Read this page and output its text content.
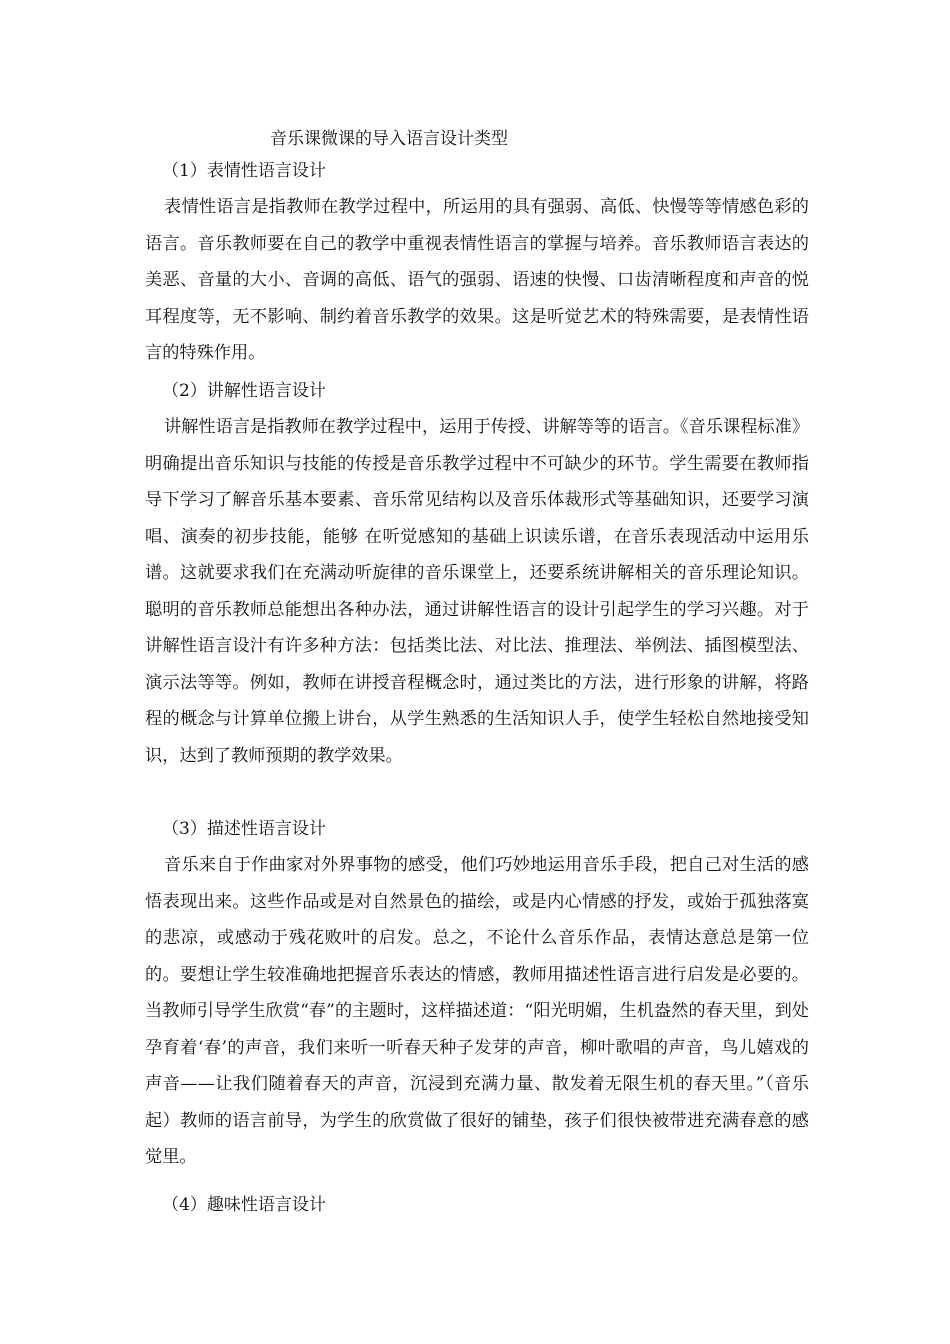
音乐课微课的导入语言设计类型
（1）表情性语言设计

表情性语言是指教师在教学过程中，所运用的具有强弱、高低、快慢等等情感色彩的语言。音乐教师要在自己的教学中重视表情性语言的掌握与培养。音乐教师语言表达的美恶、音量的大小、音调的高低、语气的强弱、语速的快慢、口齿清晰程度和声音的悦耳程度等，无不影响、制约着音乐教学的效果。这是听觉艺术的特殊需要，是表情性语言的特殊作用。

（2）讲解性语言设计

讲解性语言是指教师在教学过程中，运用于传授、讲解等等的语言。《音乐课程标准》明确提出音乐知识与技能的传授是音乐教学过程中不可缺少的环节。学生需要在教师指导下学习了解音乐基本要素、音乐常见结构以及音乐体裁形式等基础知识，还要学习演唱、演奏的初步技能，能够 在听觉感知的基础上识读乐谱，在音乐表现活动中运用乐谱。这就要求我们在充满动听旋律的音乐课堂上，还要系统讲解相关的音乐理论知识。聪明的音乐教师总能想出各种办法，通过讲解性语言的设计引起学生的学习兴趣。对于讲解性语言设汁有许多种方法：包括类比法、对比法、推理法、举例法、插图模型法、演示法等等。例如，教师在讲授音程概念时，通过类比的方法，进行形象的讲解，将路程的概念与计算单位搬上讲台，从学生熟悉的生活知识人手，使学生轻松自然地接受知识，达到了教师预期的教学效果。

（3）描述性语言设计

音乐来自于作曲家对外界事物的感受，他们巧妙地运用音乐手段，把自己对生活的感悟表现出来。这些作品或是对自然景色的描绘，或是内心情感的抒发，或始于孤独落寞的悲凉，或感动于残花败叶的启发。总之，不论什么音乐作品，表情达意总是第一位的。要想让学生较准确地把握音乐表达的情感，教师用描述性语言进行启发是必要的。当教师引导学生欣赏“春”的主题时，这样描述道：“阳光明媚，生机盎然的春天里，到处孕育着‘春’的声音，我们来听一听春天种子发芽的声音，柳叶歌唱的声音，鸟儿嬉戏的声音——让我们随着春天的声音，沉浸到充满力量、散发着无限生机的春天里。”（音乐起）教师的语言前导，为学生的欣赏做了很好的铺垫，孩子们很快被带进充满春意的感觉里。

（4）趣味性语言设计
